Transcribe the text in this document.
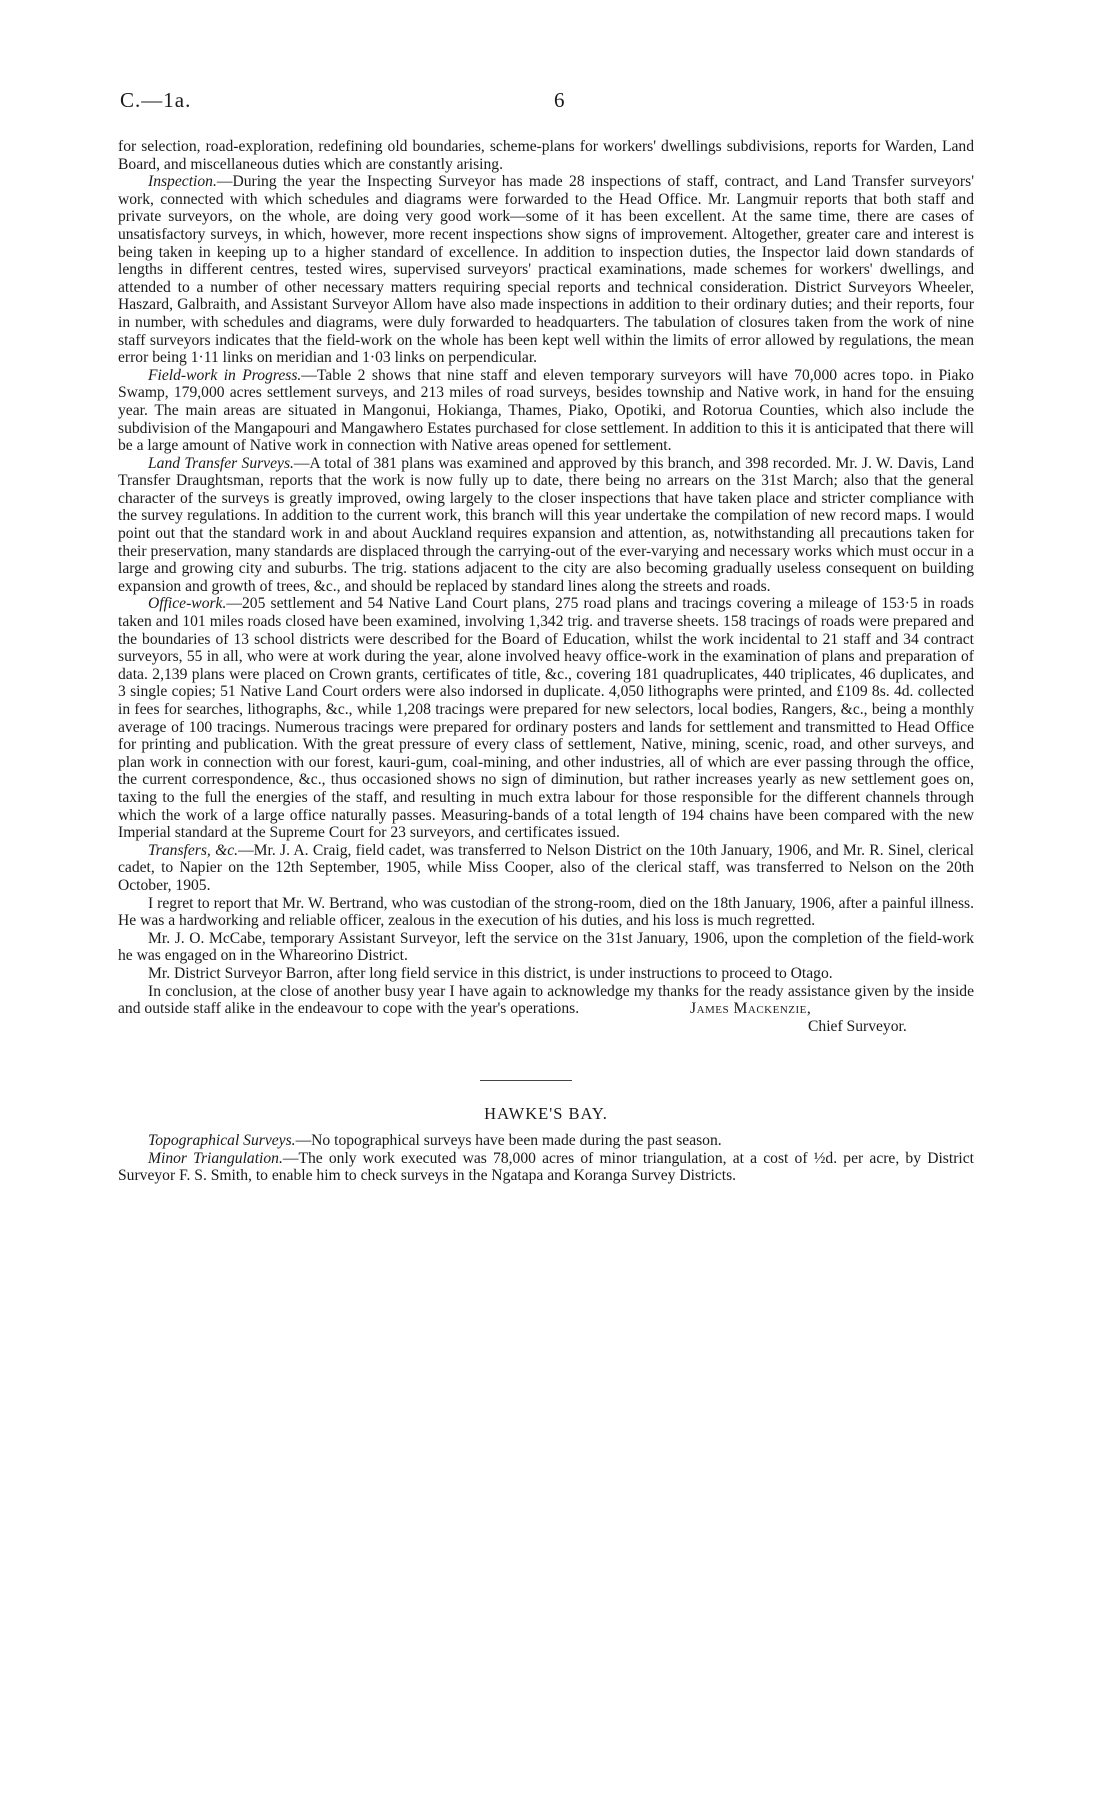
C.—1a.	6

for selection, road-exploration, redefining old boundaries, scheme-plans for workers' dwellings subdivisions, reports for Warden, Land Board, and miscellaneous duties which are constantly arising.

Inspection.—During the year the Inspecting Surveyor has made 28 inspections of staff, contract, and Land Transfer surveyors' work, connected with which schedules and diagrams were forwarded to the Head Office. Mr. Langmuir reports that both staff and private surveyors, on the whole, are doing very good work—some of it has been excellent. At the same time, there are cases of unsatisfactory surveys, in which, however, more recent inspections show signs of improvement. Altogether, greater care and interest is being taken in keeping up to a higher standard of excellence. In addition to inspection duties, the Inspector laid down standards of lengths in different centres, tested wires, supervised surveyors' practical examinations, made schemes for workers' dwellings, and attended to a number of other necessary matters requiring special reports and technical consideration. District Surveyors Wheeler, Haszard, Galbraith, and Assistant Surveyor Allom have also made inspections in addition to their ordinary duties; and their reports, four in number, with schedules and diagrams, were duly forwarded to headquarters. The tabulation of closures taken from the work of nine staff surveyors indicates that the field-work on the whole has been kept well within the limits of error allowed by regulations, the mean error being 1·11 links on meridian and 1·03 links on perpendicular.

Field-work in Progress.—Table 2 shows that nine staff and eleven temporary surveyors will have 70,000 acres topo. in Piako Swamp, 179,000 acres settlement surveys, and 213 miles of road surveys, besides township and Native work, in hand for the ensuing year. The main areas are situated in Mangonui, Hokianga, Thames, Piako, Opotiki, and Rotorua Counties, which also include the subdivision of the Mangapouri and Mangawhero Estates purchased for close settlement. In addition to this it is anticipated that there will be a large amount of Native work in connection with Native areas opened for settlement.

Land Transfer Surveys.—A total of 381 plans was examined and approved by this branch, and 398 recorded. Mr. J. W. Davis, Land Transfer Draughtsman, reports that the work is now fully up to date, there being no arrears on the 31st March; also that the general character of the surveys is greatly improved, owing largely to the closer inspections that have taken place and stricter compliance with the survey regulations. In addition to the current work, this branch will this year undertake the compilation of new record maps. I would point out that the standard work in and about Auckland requires expansion and attention, as, notwithstanding all precautions taken for their preservation, many standards are displaced through the carrying-out of the ever-varying and necessary works which must occur in a large and growing city and suburbs. The trig. stations adjacent to the city are also becoming gradually useless consequent on building expansion and growth of trees, &c., and should be replaced by standard lines along the streets and roads.

Office-work.—205 settlement and 54 Native Land Court plans, 275 road plans and tracings covering a mileage of 153·5 in roads taken and 101 miles roads closed have been examined, involving 1,342 trig. and traverse sheets. 158 tracings of roads were prepared and the boundaries of 13 school districts were described for the Board of Education, whilst the work incidental to 21 staff and 34 contract surveyors, 55 in all, who were at work during the year, alone involved heavy office-work in the examination of plans and preparation of data. 2,139 plans were placed on Crown grants, certificates of title, &c., covering 181 quadruplicates, 440 triplicates, 46 duplicates, and 3 single copies; 51 Native Land Court orders were also indorsed in duplicate. 4,050 lithographs were printed, and £109 8s. 4d. collected in fees for searches, lithographs, &c., while 1,208 tracings were prepared for new selectors, local bodies, Rangers, &c., being a monthly average of 100 tracings. Numerous tracings were prepared for ordinary posters and lands for settlement and transmitted to Head Office for printing and publication. With the great pressure of every class of settlement, Native, mining, scenic, road, and other surveys, and plan work in connection with our forest, kauri-gum, coal-mining, and other industries, all of which are ever passing through the office, the current correspondence, &c., thus occasioned shows no sign of diminution, but rather increases yearly as new settlement goes on, taxing to the full the energies of the staff, and resulting in much extra labour for those responsible for the different channels through which the work of a large office naturally passes. Measuring-bands of a total length of 194 chains have been compared with the new Imperial standard at the Supreme Court for 23 surveyors, and certificates issued.

Transfers, &c.—Mr. J. A. Craig, field cadet, was transferred to Nelson District on the 10th January, 1906, and Mr. R. Sinel, clerical cadet, to Napier on the 12th September, 1905, while Miss Cooper, also of the clerical staff, was transferred to Nelson on the 20th October, 1905.

I regret to report that Mr. W. Bertrand, who was custodian of the strong-room, died on the 18th January, 1906, after a painful illness. He was a hardworking and reliable officer, zealous in the execution of his duties, and his loss is much regretted.

Mr. J. O. McCabe, temporary Assistant Surveyor, left the service on the 31st January, 1906, upon the completion of the field-work he was engaged on in the Whareorino District.

Mr. District Surveyor Barron, after long field service in this district, is under instructions to proceed to Otago.

In conclusion, at the close of another busy year I have again to acknowledge my thanks for the ready assistance given by the inside and outside staff alike in the endeavour to cope with the year's operations.	James Mackenzie,
Chief Surveyor.
HAWKE'S BAY.

Topographical Surveys.—No topographical surveys have been made during the past season.

Minor Triangulation.—The only work executed was 78,000 acres of minor triangulation, at a cost of ½d. per acre, by District Surveyor F. S. Smith, to enable him to check surveys in the Ngatapa and Koranga Survey Districts.
